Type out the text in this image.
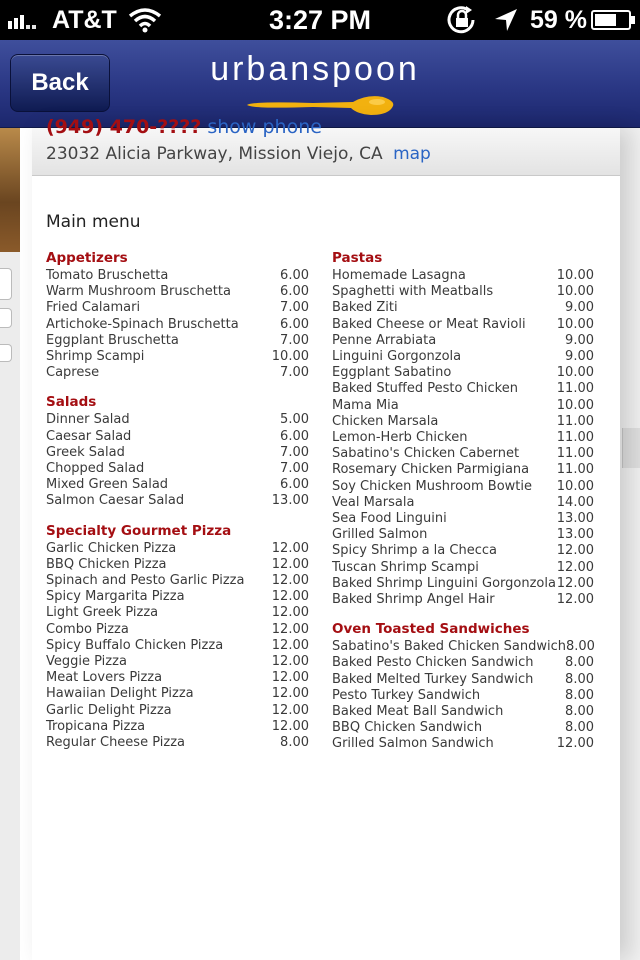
AT&T	3:27 PM	59 %
Back	urbanspoon
(949) 470-???? show phone
23032 Alicia Parkway, Mission Viejo, CA map
Main menu
Appetizers
Tomato Bruschetta	6.00
Warm Mushroom Bruschetta	6.00
Fried Calamari	7.00
Artichoke-Spinach Bruschetta	6.00
Eggplant Bruschetta	7.00
Shrimp Scampi	10.00
Caprese	7.00
Salads
Dinner Salad	5.00
Caesar Salad	6.00
Greek Salad	7.00
Chopped Salad	7.00
Mixed Green Salad	6.00
Salmon Caesar Salad	13.00
Specialty Gourmet Pizza
Garlic Chicken Pizza	12.00
BBQ Chicken Pizza	12.00
Spinach and Pesto Garlic Pizza 12.00
Spicy Margarita Pizza	12.00
Light Greek Pizza	12.00
Combo Pizza	12.00
Spicy Buffalo Chicken Pizza	12.00
Veggie Pizza	12.00
Meat Lovers Pizza	12.00
Hawaiian Delight Pizza	12.00
Garlic Delight Pizza	12.00
Tropicana Pizza	12.00
Regular Cheese Pizza	8.00
Pastas
Homemade Lasagna	10.00
Spaghetti with Meatballs	10.00
Baked Ziti	9.00
Baked Cheese or Meat Ravioli 10.00
Penne Arrabiata	9.00
Linguini Gorgonzola	9.00
Eggplant Sabatino	10.00
Baked Stuffed Pesto Chicken	11.00
Mama Mia	10.00
Chicken Marsala	11.00
Lemon-Herb Chicken	11.00
Sabatino's Chicken Cabernet	11.00
Rosemary Chicken Parmigiana 11.00
Soy Chicken Mushroom Bowtie 10.00
Veal Marsala	14.00
Sea Food Linguini	13.00
Grilled Salmon	13.00
Spicy Shrimp a la Checca	12.00
Tuscan Shrimp Scampi	12.00
Baked Shrimp Linguini Gorgonzola 12.00
Baked Shrimp Angel Hair	12.00
Oven Toasted Sandwiches
Sabatino's Baked Chicken Sandwich 8.00
Baked Pesto Chicken Sandwich 8.00
Baked Melted Turkey Sandwich 8.00
Pesto Turkey Sandwich	8.00
Baked Meat Ball Sandwich	8.00
BBQ Chicken Sandwich	8.00
Grilled Salmon Sandwich	12.00
